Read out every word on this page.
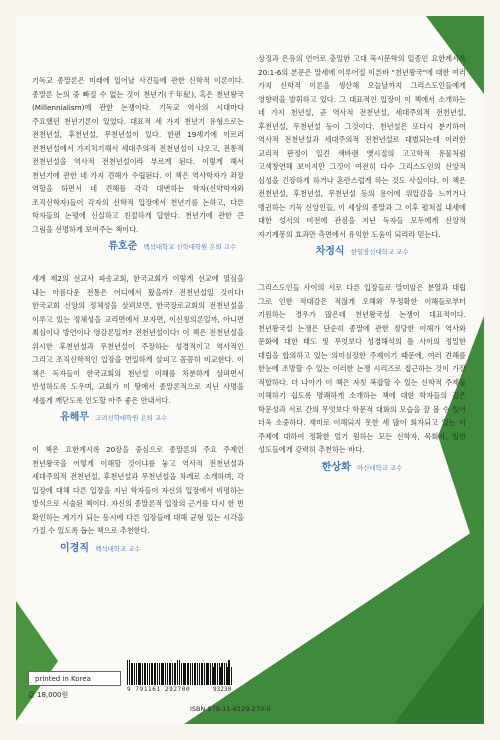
기독교 종말론은 미래에 일어날 사건들에 관한 신학적 이론이다. 종말론 논의 중 빠질 수 없는 것이 천년기(千年紀), 혹은 천년왕국(Millennialism)에 관한 논쟁이다. 기독교 역사의 시대마다 주요했던 천년기론이 있었다. 대표적 세 가지 천년기 유형으로는 전천년설, 후천년설, 무천년설이 있다. 한편 19세기에 이르러 전천년설에서 가지치기해서 세대주의적 전천년설이 나오고, 전통적 전천년설을 역사적 전천년설이라 부르게 된다. 이렇게 해서 천년기에 관한 네 가지 견해가 수립된다. 이 책은 역사학자가 좌장 역할을 하면서 네 견해를 각각 대변하는 학자(신약학자와 조직신학자)들이 각자의 신학적 입장에서 천년기를 논하고, 다른 학자들의 논평에 신실하고 친절하게 답한다. 천년기에 관한 큰 그림을 선명하게 보여주는 책이다.

류호준 백석대학교 신학대학원 은퇴 교수

세계 제2의 선교사 파송교회, 한국교회가 이렇게 선교에 열심을 내는 아름다운 전통은 어디에서 왔을까? 전천년설일 것이다! 한국교회 신앙의 정체성을 살펴보면, 한국장로교회의 전천년설을 이루고 있는 정체성을 교리면에서 보자면, 이신칭의론일까, 아니면 최심이나 방언이나 영감론일까? 전천년설이다! 이 책은 전천년설을 위시한 후천년설과 무천년설이 주장하는 성경적이고 역사적인 그리고 조직신학적인 입장을 면밀하게 살피고 꼼꼼히 비교한다. 이 책은 독자들이 한국교회의 천년설 이해를 차분하게 살펴면서 반성하도록 도우며, 교회가 이 땅에서 종말론적으로 지닌 사명을 새롭게 깨닫도록 인도할 아주 좋은 안내서다.

유해무 고려신학대학원 은퇴 교수

이 책은 요한계시록 20장을 중심으로 종말론의 주요 주제인 천년왕국을 어떻게 이해할 것이냐를 놓고 역사적 전천년설과 세대주의적 전천년설, 후천년설과 무천년설을 차례로 소개하며, 각 입장에 대해 다른 입장을 지닌 학자들이 자신의 입장에서 비평하는 방식으로 서술된 책이다. 자신의 종말론적 입장의 근거를 다시 한 번 확인하는 계기가 되는 동시에 다른 입장들에 대해 균형 있는 시각을 가질 수 있도록 돕는 책으로 추천한다.

이경직 백석대학교 교수

상징과 은유의 언어로 충일한 고대 묵시문학의 일종인 요한계시록 20:1-6의 본문은 말세에 이루어질 이른바 "천년왕국"에 대한 여러 가지 신학적 이론을 생산해 오늘날까지 그리스도인들에게 영향력을 발휘하고 있다. 그 대표적인 입장이 이 책에서 소개하는 네 가지 천년설, 곧 역사적 전천년설, 세대주의적 전천년설, 후천년설, 무천년설 등이 그것이다. 천년설은 또다시 분기하여 역사적 전천년설과 세대주의적 전천년설로 대별되는데 이러한 교리적 판정이 일견 색바랜 옛시절의 고고학적 유물처럼 고색창연해 보이지만 그것이 여전히 다수 그리스도인의 신앙적 심성을 긴장하게 하거나 혼란스럽게 하는 것도 사실이다. 이 책은 전천년설, 후천년설, 무천년설 등의 용어에 위압감을 느끼거나 맹귄하는 기독 신앙인들, 이 세상의 종말과 그 이후 펼쳐질 내세에 대한 성서의 비전에 관심을 지닌 독자들 모두에게 신앙적 자기계몽의 효과만 측면에서 유익한 도움이 되리라 믿는다.

차정식 한일장신대학교 교수

그리스도인들 사이의 서로 다른 입장들로 말미암은 분열과 대립 그로 인한 적대감은 적잖게 오해와 무정확한 이해들로부터 기원하는 경우가 많은데 천년왕국설 논쟁이 대표적이다. 천년왕국설 논쟁은 단순히 종말에 관한 정당한 이해가 역사와 문화에 대한 태도 및 무엇보다 성경해석의 틀 사이의 정밀한 대립을 합의하고 있는 의미심장한 주제이기 때문에, 여러 견해를 한눈에 조망할 수 있는 이러한 논쟁 시리즈로 접근하는 것이 가장 적합하다. 더 나아가 이 책은 자칫 복잡할 수 있는 신학적 주제들 이해하기 쉽도록 명쾌하게 소개하는 책에 대한 학자들의 깊은 학문성과 서로 간의 무엇보다 학문적 대화의 모습을 잘 볼 수 있어 더욱 소중하다. 재미로 이해되지 못한 세 많이 회자되고 있는 이 주제에 대하여 정확한 얼기 원하는 모든 신학자, 목회자, 일반 성도들에게 강력히 추천하는 바다.

한상화 아신대학교 교수
printed in Korea
값 18,000원
9 791161 292700	93230
ISBN 979-11-6129-270-0
